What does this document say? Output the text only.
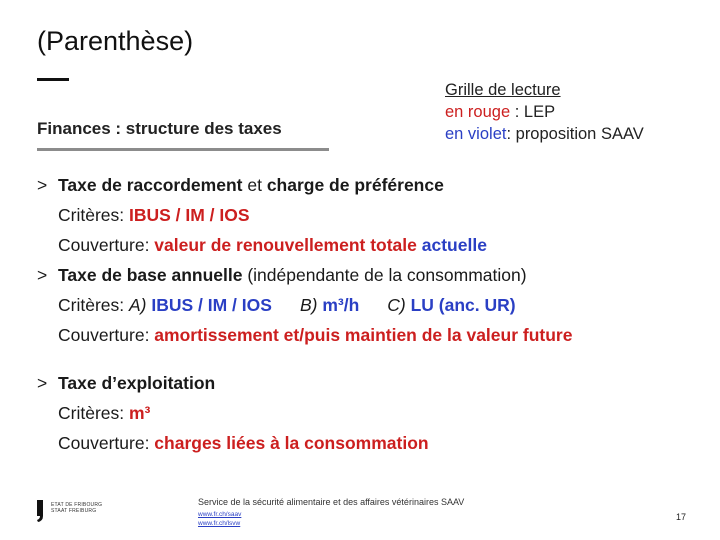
(Parenthèse)
Finances : structure des taxes
Grille de lecture
en rouge : LEP
en violet: proposition SAAV
> Taxe de raccordement et charge de préférence
Critères: IBUS / IM / IOS
Couverture: valeur de renouvellement totale actuelle
> Taxe de base annuelle (indépendante de la consommation)
Critères: A) IBUS / IM / IOS B) m³/h C) LU (anc. UR)
Couverture: amortissement et/puis maintien de la valeur future
> Taxe d’exploitation
Critères: m³
Couverture: charges liées à la consommation
ETAT DE FRIBOURG
STAAT FREIBURG
Service de la sécurité alimentaire et des affaires vétérinaires SAAV
www.fr.ch/saav
www.fr.ch/lsvw
17
